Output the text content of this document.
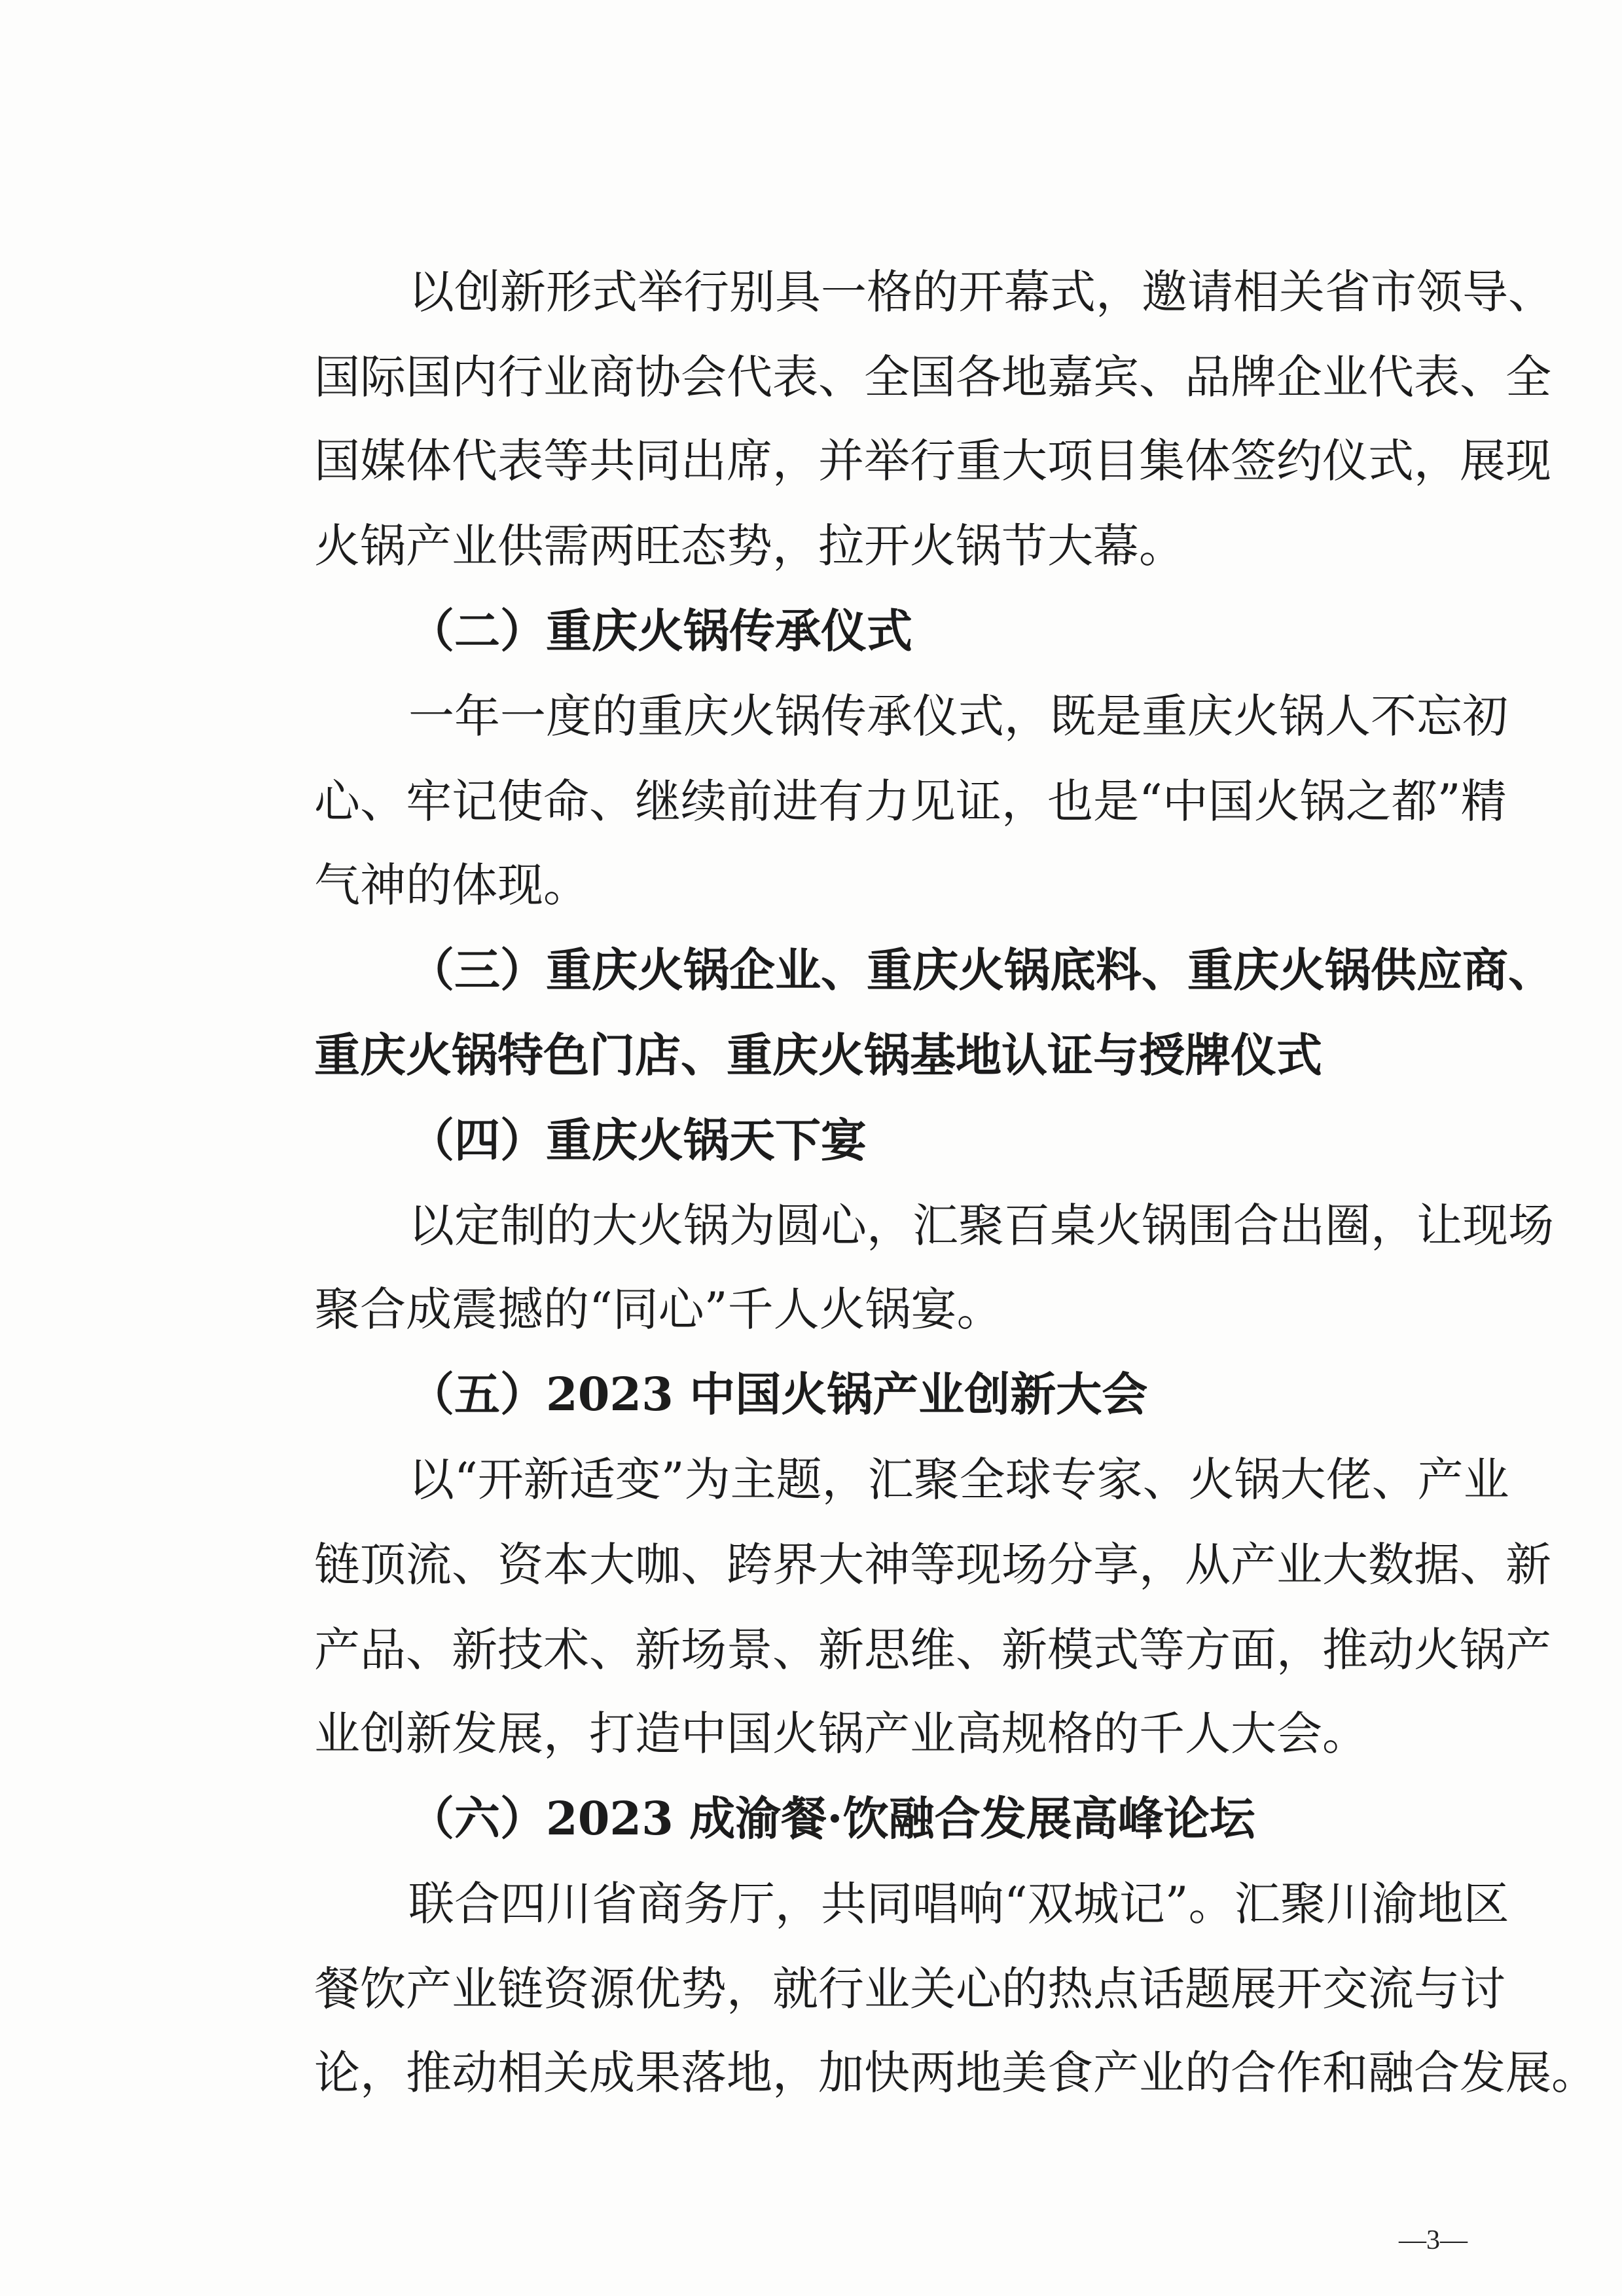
以创新形式举行别具一格的开幕式，邀请相关省市领导、
国际国内行业商协会代表、全国各地嘉宾、品牌企业代表、全
国媒体代表等共同出席，并举行重大项目集体签约仪式，展现
火锅产业供需两旺态势，拉开火锅节大幕。
（二）重庆火锅传承仪式
一年一度的重庆火锅传承仪式，既是重庆火锅人不忘初
心、牢记使命、继续前进有力见证，也是“中国火锅之都”精
气神的体现。
（三）重庆火锅企业、重庆火锅底料、重庆火锅供应商、
重庆火锅特色门店、重庆火锅基地认证与授牌仪式
（四）重庆火锅天下宴
以定制的大火锅为圆心，汇聚百桌火锅围合出圈，让现场
聚合成震撼的“同心”千人火锅宴。
（五）2023 中国火锅产业创新大会
以“开新适变”为主题，汇聚全球专家、火锅大佬、产业
链顶流、资本大咖、跨界大神等现场分享，从产业大数据、新
产品、新技术、新场景、新思维、新模式等方面，推动火锅产
业创新发展，打造中国火锅产业高规格的千人大会。
（六）2023 成渝餐·饮融合发展高峰论坛
联合四川省商务厅，共同唱响“双城记”。汇聚川渝地区
餐饮产业链资源优势，就行业关心的热点话题展开交流与讨
论，推动相关成果落地，加快两地美食产业的合作和融合发展。
—3—
